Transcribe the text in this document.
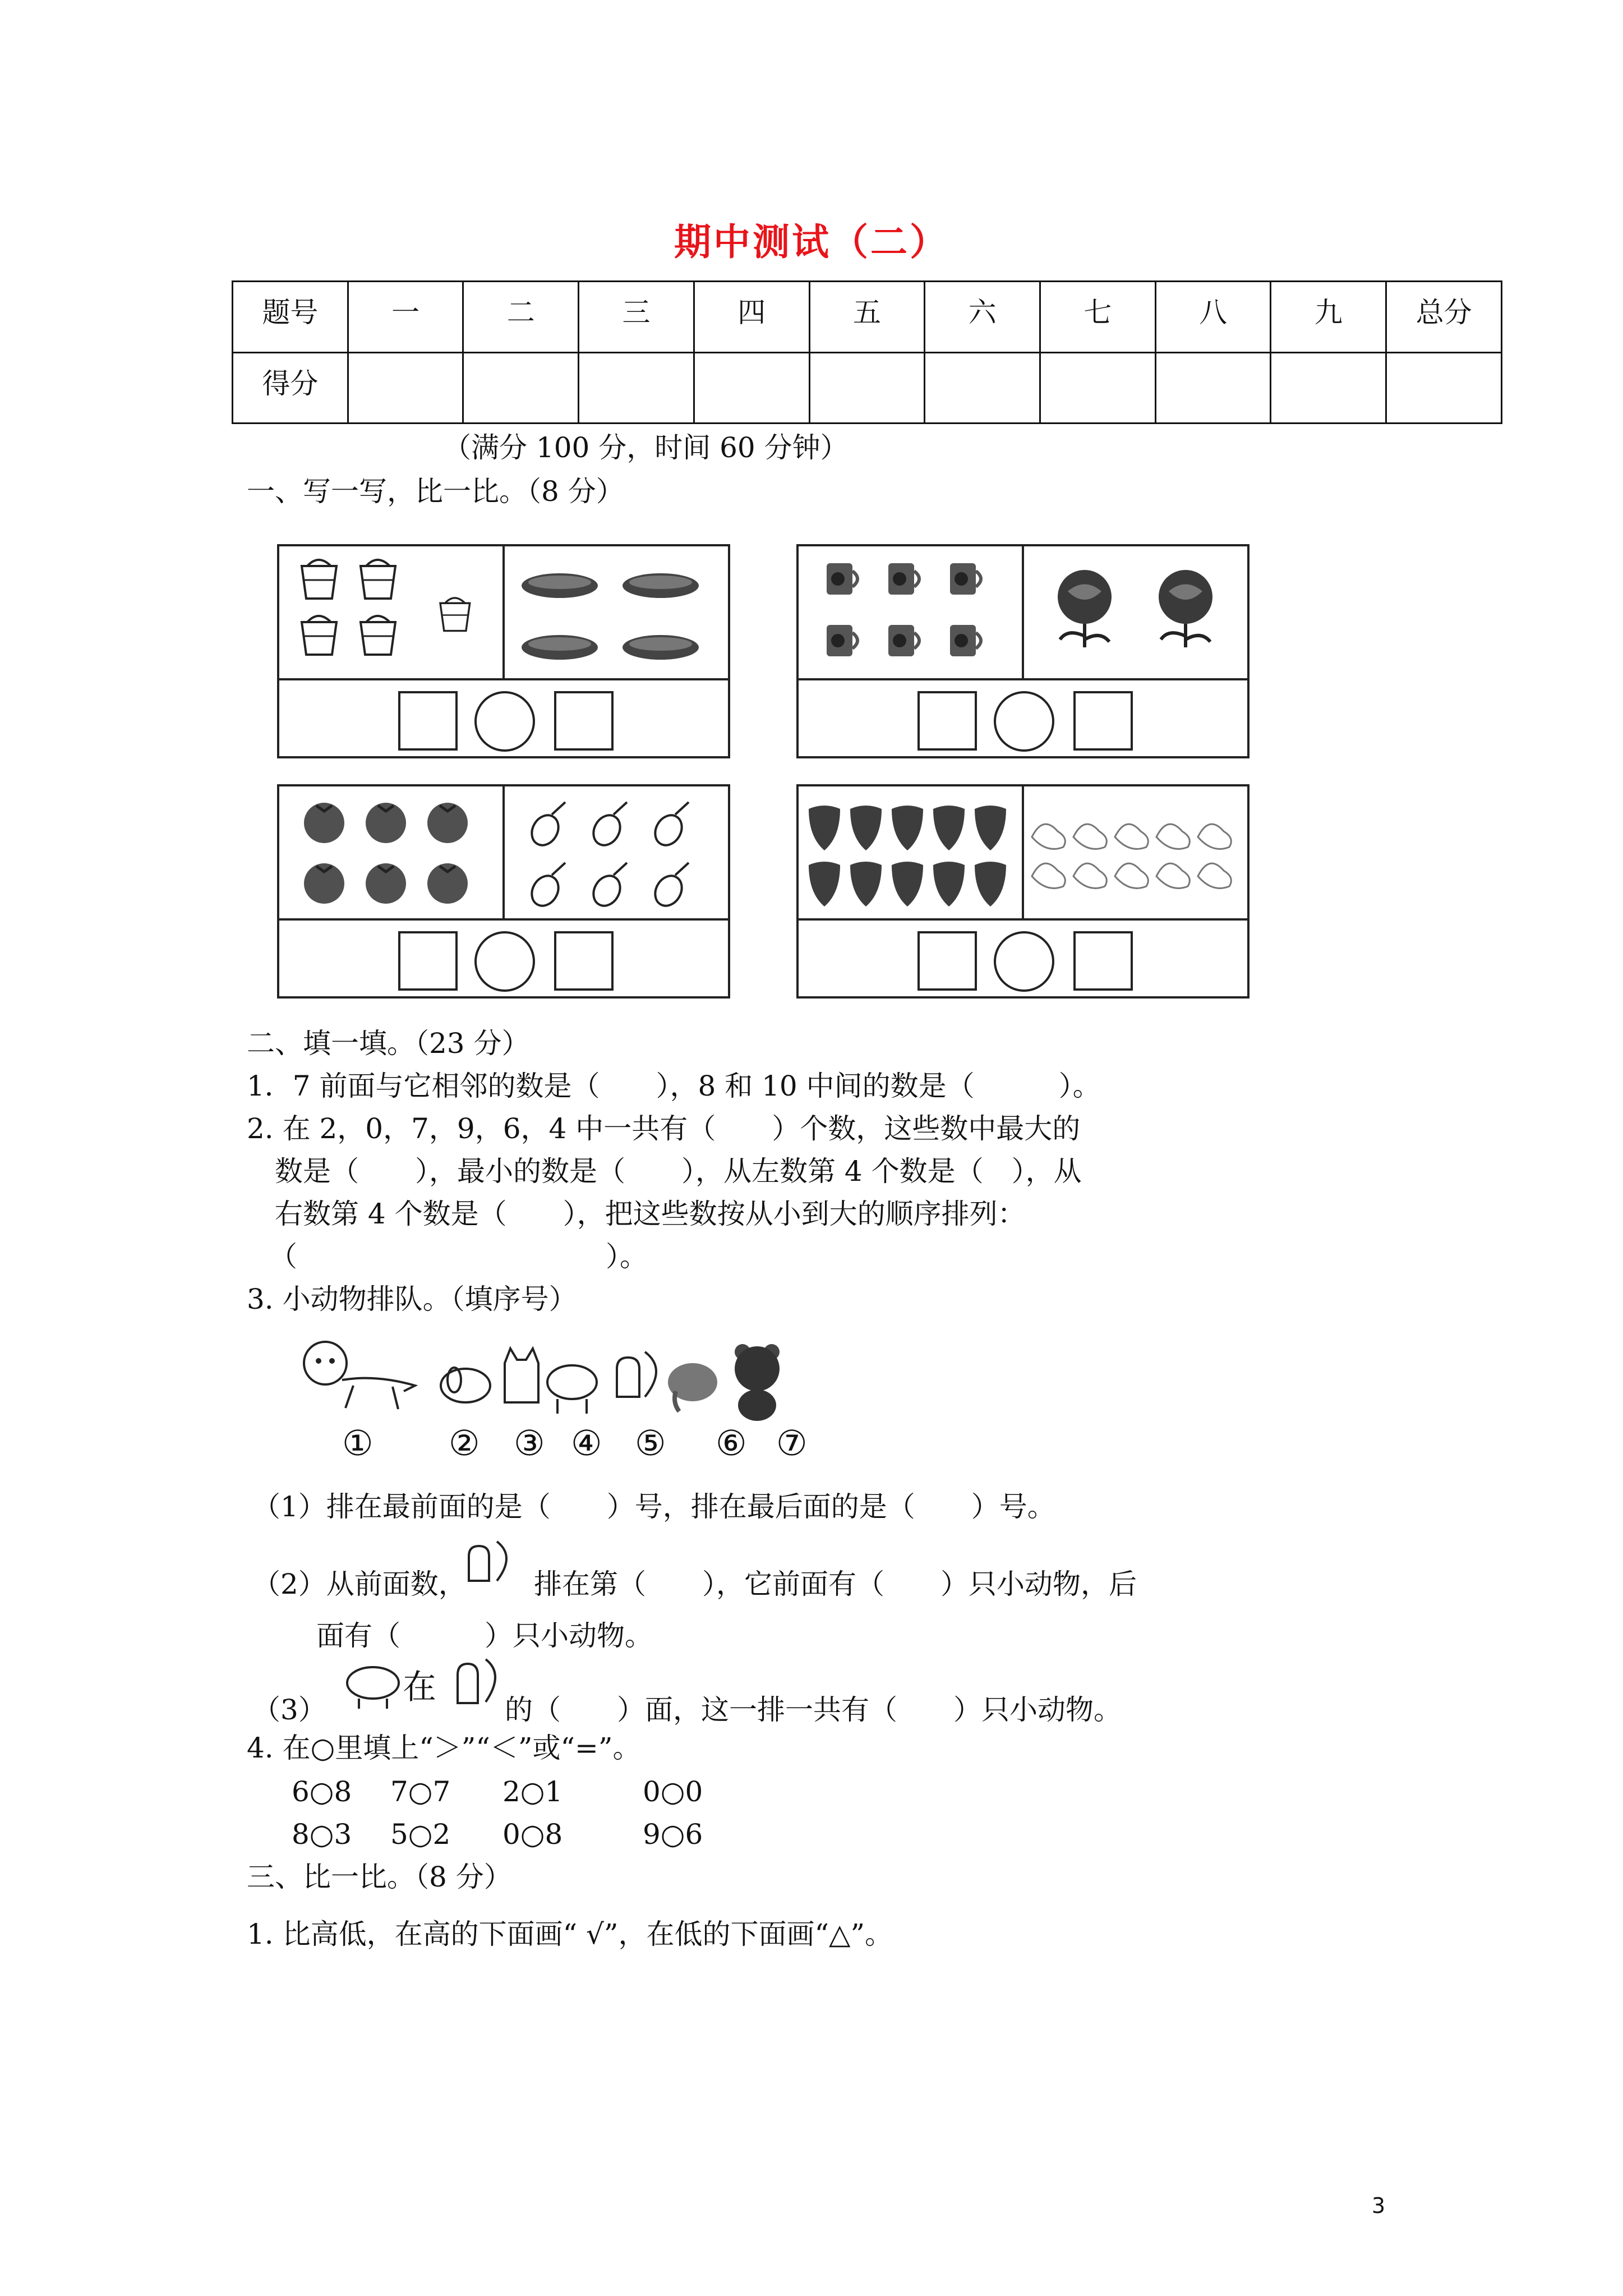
期中测试（二）
题号	一	二	三	四	五	六	七	八	九	总分
得分										
（满分 100 分，时间 60 分钟）
一、写一写，比一比。（8 分）
二、填一填。（23 分）
1．7 前面与它相邻的数是（　　），8 和 10 中间的数是（　　　）。
2. 在 2，0，7，9，6，4 中一共有（　　）个数，这些数中最大的
数是（　　），最小的数是（　　），从左数第 4 个数是（　），从
右数第 4 个数是（　　），把这些数按从小到大的顺序排列：
（　　　　　　　　　　　）。
3. 小动物排队。（填序号）
① ② ③ ④ ⑤ ⑥ ⑦
（1）排在最前面的是（　　）号，排在最后面的是（　　）号。
（2）从前面数， 排在第（　　），它前面有（　　）只小动物，后
面有（　　　）只小动物。
（3）
在
的（　　）面，这一排一共有（　　）只小动物。
4. 在○里填上“＞”“＜”或“=”。
6○8 7○7 2○1	0○0
8○3 5○2 0○8	9○6
三、比一比。（8 分）
1. 比高低，在高的下面画“ √”，在低的下面画“△”。
3
